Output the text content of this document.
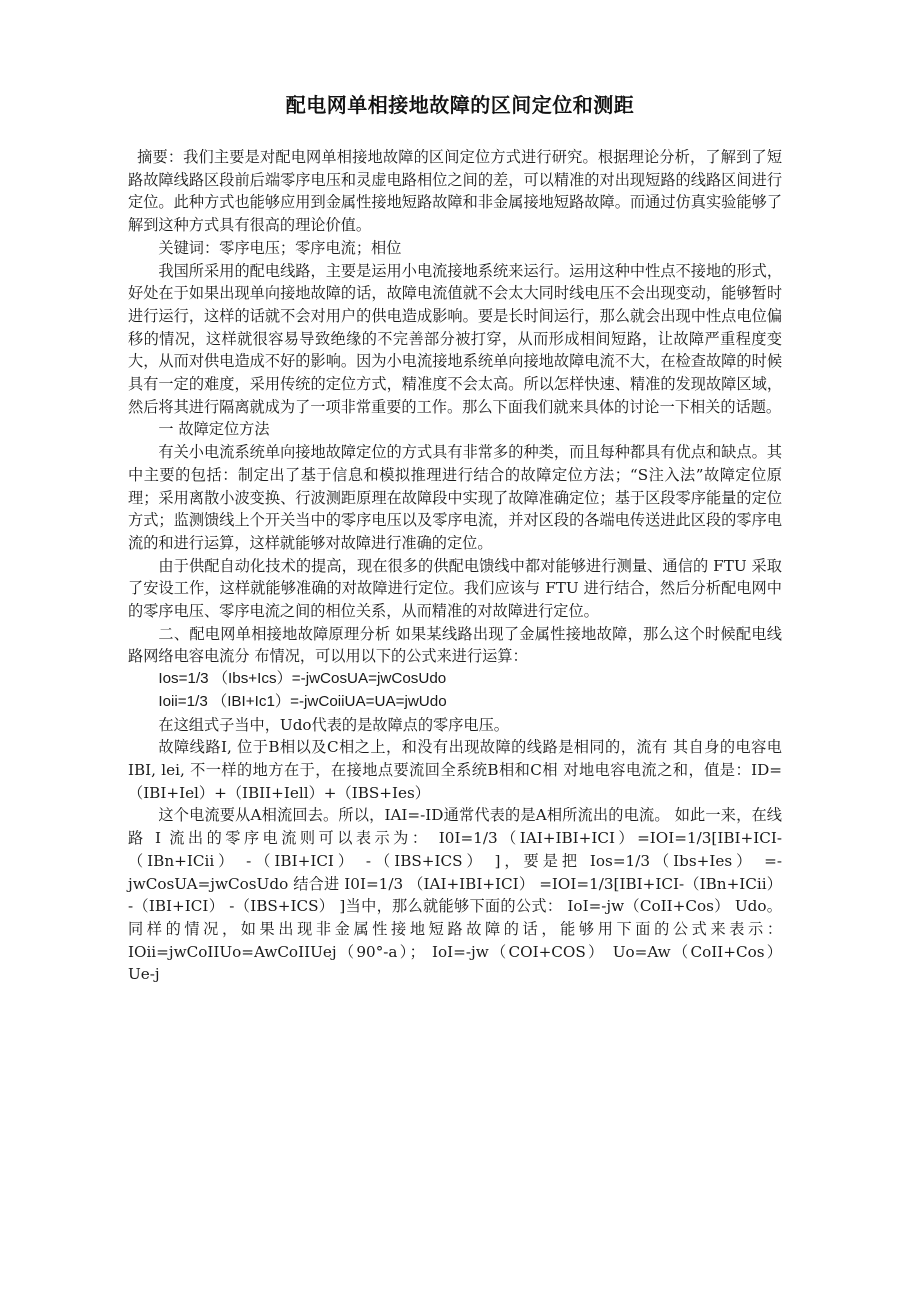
配电网单相接地故障的区间定位和测距

摘要：我们主要是对配电网单相接地故障的区间定位方式进行研究。根据理论分析，了解到了短路故障线路区段前后端零序电压和灵虚电路相位之间的差，可以精准的对出现短路的线路区间进行定位。此种方式也能够应用到金属性接地短路故障和非金属接地短路故障。而通过仿真实验能够了解到这种方式具有很高的理论价值。

关键词：零序电压；零序电流；相位

我国所采用的配电线路，主要是运用小电流接地系统来运行。运用这种中性点不接地的形式，好处在于如果出现单向接地故障的话，故障电流值就不会太大同时线电压不会出现变动，能够暂时进行运行，这样的话就不会对用户的供电造成影响。要是长时间运行，那么就会出现中性点电位偏移的情况，这样就很容易导致绝缘的不完善部分被打穿，从而形成相间短路，让故障严重程度变大，从而对供电造成不好的影响。因为小电流接地系统单向接地故障电流不大，在检查故障的时候具有一定的难度，采用传统的定位方式，精准度不会太高。所以怎样快速、精准的发现故障区域，然后将其进行隔离就成为了一项非常重要的工作。那么下面我们就来具体的讨论一下相关的话题。

一 故障定位方法

有关小电流系统单向接地故障定位的方式具有非常多的种类，而且每种都具有优点和缺点。其中主要的包括：制定出了基于信息和模拟推理进行结合的故障定位方法；“S注入法”故障定位原理；采用离散小波变换、行波测距原理在故障段中实现了故障准确定位；基于区段零序能量的定位方式；监测馈线上个开关当中的零序电压以及零序电流，并对区段的各端电传送进此区段的零序电流的和进行运算，这样就能够对故障进行准确的定位。

由于供配自动化技术的提高，现在很多的供配电馈线中都对能够进行测量、通信的 FTU 采取了安设工作，这样就能够准确的对故障进行定位。我们应该与 FTU 进行结合，然后分析配电网中的零序电压、零序电流之间的相位关系，从而精准的对故障进行定位。

二、配电网单相接地故障原理分析 如果某线路出现了金属性接地故障，那么这个时候配电线路网络电容电流分 布情况，可以用以下的公式来进行运算：

Ios=1/3 （Ibs+Ics）=-jwCosUA=jwCosUdo

Ioii=1/3 （IBI+Ic1）=-jwCoiiUA=UA=jwUdo

在这组式子当中，Udo代表的是故障点的零序电压。

故障线路I, 位于B相以及C相之上，和没有出现故障的线路是相同的，流有 其自身的电容电IBI, lei, 不一样的地方在于，在接地点要流回全系统B相和C相 对地电容电流之和，值是：ID=（IBI+Iel）+（IBII+Iell）+（IBS+Ies）

这个电流要从A相流回去。所以，IAI=-ID通常代表的是A相所流出的电流。 如此一来，在线路 I 流出的零序电流则可以表示为： I0I=1/3（IAI+IBI+ICI）=IOI=1/3[IBI+ICI-（IBn+ICii） -（IBI+ICI） -（IBS+ICS） ]，要是把 Ios=1/3（Ibs+Ies） =- jwCosUA=jwCosUdo 结合进 I0I=1/3 （IAI+IBI+ICI） =IOI=1/3[IBI+ICI-（IBn+ICii） -（IBI+ICI） -（IBS+ICS） ]当中，那么就能够下面的公式： IoI=-jw（CoII+Cos） Udo。 同样的情况，如果出现非金属性接地短路故障的话，能够用下面的公式来表示： IOii=jwCoIIUo=AwCoIIUej（90°-a）； IoI=-jw（COI+COS） Uo=Aw（CoII+Cos） Ue-j
